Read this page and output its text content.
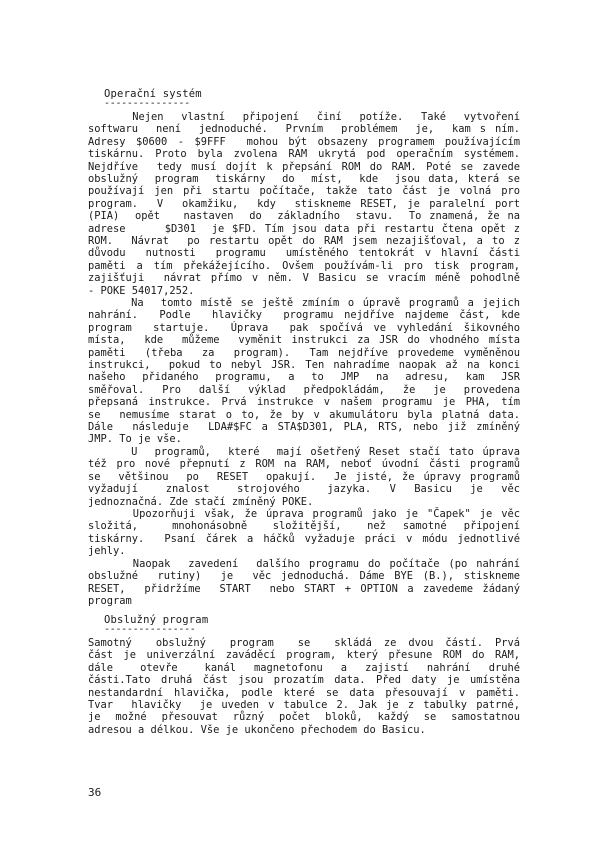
Operační systém
---------------
Nejen  vlastní  připojení  činí  potíže.  Také  vytvoření
softwaru  není  jednoduché.  Prvním  problémem  je,  kam s ním.
Adresy $0600 - $9FFF  mohou být obsazeny programem používajícím
tiskárnu. Proto byla zvolena RAM ukrytá pod operačním systémem.
Nejdříve  tedy musí dojít k přepsání ROM do RAM. Poté se zavede
obslužný  program  tiskárny  do  míst,  kde  jsou data, která se
používají jen při startu počítače, takže tato část je volná pro
program.  V  okamžiku,  kdy  stiskneme RESET, je paralelní port
(PIA)  opět   nastaven  do  základního  stavu.  To znamená, že na
adrese     $D301  je $FD. Tím jsou data při restartu čtena opět z
ROM.  Návrat  po restartu opět do RAM jsem nezajišťoval, a to z
důvodu  nutnosti  programu  umístěného tentokrát v hlavní části
paměti a tím překážejícího. Ovšem používám-li pro tisk program,
zajišťuji  návrat přímo v něm. V Basicu se vracím méně pohodlně
- POKE 54017,252.
Na  tomto místě se ještě zmíním o úpravě programů a jejich
nahrání.  Podle  hlavičky  programu nejdříve najdeme část, kde
program  startuje.  Úprava  pak spočívá ve vyhledání šikovného
místa,  kde  můžeme  vyměnit instrukci za JSR do vhodného místa
paměti  (třeba  za  program).  Tam nejdříve provedeme vyměněnou
instrukci,  pokud to nebyl JSR. Ten nahradíme naopak až na konci
našeho  přidaného  programu,  a  to  JMP  na  adresu,  kam  JSR
směřoval.  Pro  další  výklad  předpokládám,  že  je  provedena
přepsaná instrukce. Prvá instrukce v našem programu je PHA, tím
se  nemusíme starat o to, že by v akumulátoru byla platná data.
Dále  následuje  LDA#$FC a STA$D301, PLA, RTS, nebo již zmíněný
JMP. To je vše.
U  programů,  které  mají ošetřený Reset stačí tato úprava
též pro nové přepnutí z ROM na RAM, neboť úvodní části programů
se  většinou  po  RESET  opakují.  Je jisté, že úpravy programů
vyžadují   znalost   strojového   jazyka.  V  Basicu  je  věc
jednoznačná. Zde stačí zmíněný POKE.
Upozorňuji však, že úprava programů jako je "Čapek" je věc
složitá,    mnohonásobně   složitější,   než  samotné  připojení
tiskárny.  Psaní čárek a háčků vyžaduje práci v módu jednotlivé
jehly.
Naopak  zavedení  dalšího programu do počítače (po nahrání
obslužné  rutiny)  je  věc jednoduchá. Dáme BYE (B.), stiskneme
RESET,  přidržíme  START  nebo START + OPTION a zavedeme žádaný
program
Obslužný program
----------------
Samotný  obslužný  program  se  skládá ze dvou částí. Prvá
část je univerzální zaváděcí program, který přesune ROM do RAM,
dále   otevře   kanál  magnetofonu  a  zajistí  nahrání  druhé
části.Tato druhá část jsou prozatím data. Před daty je umístěna
nestandardní hlavička, podle které se data přesouvají v paměti.
Tvar  hlavičky  je uveden v tabulce 2. Jak je z tabulky patrné,
je možné přesouvat různý počet bloků, každý se samostatnou
adresou a délkou. Vše je ukončeno přechodem do Basicu.
36
